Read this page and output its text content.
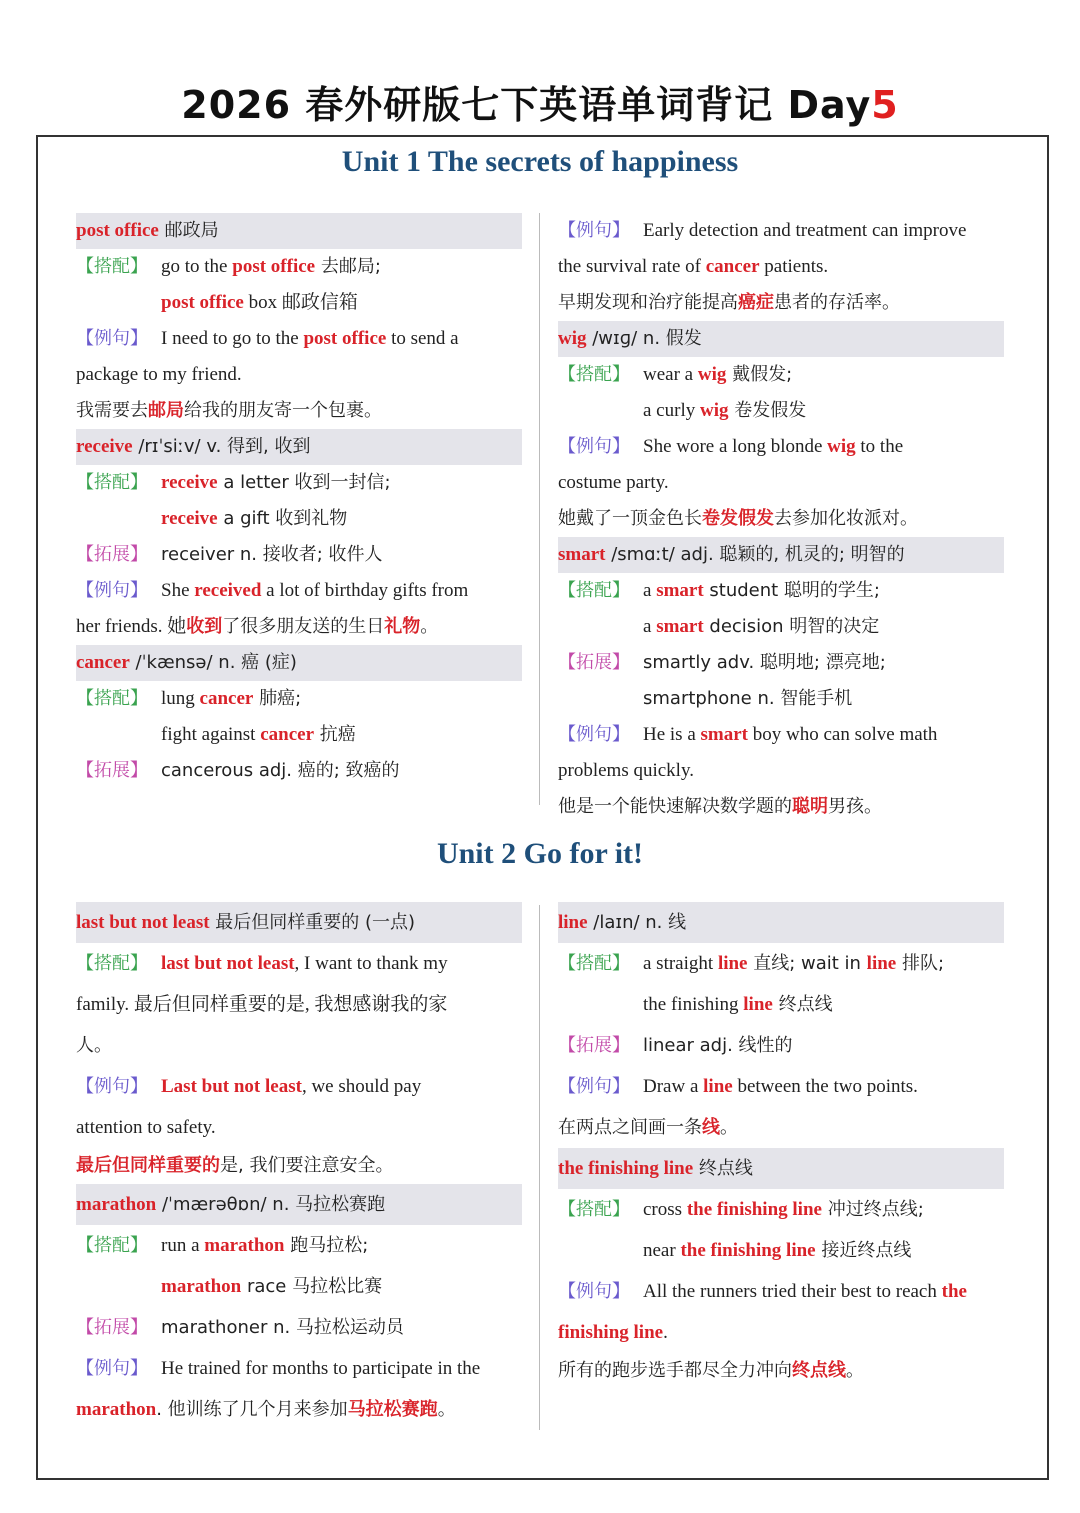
2026 春外研版七下英语单词背记 Day5
Unit 1 The secrets of happiness
post office 邮政局
【搭配】 go to the post office 去邮局;
post office box 邮政信箱
【例句】 I need to go to the post office to send a
package to my friend.
我需要去邮局给我的朋友寄一个包裹。
receive /rɪˈsiːv/ v. 得到, 收到
【搭配】 receive a letter 收到一封信;
receive a gift 收到礼物
【拓展】 receiver n. 接收者; 收件人
【例句】 She received a lot of birthday gifts from
her friends. 她收到了很多朋友送的生日礼物。
cancer /ˈkænsə/ n. 癌 (症)
【搭配】 lung cancer 肺癌;
fight against cancer 抗癌
【拓展】 cancerous adj. 癌的; 致癌的
【例句】 Early detection and treatment can improve
the survival rate of cancer patients.
早期发现和治疗能提高癌症患者的存活率。
wig /wɪɡ/ n. 假发
【搭配】 wear a wig 戴假发;
a curly wig 卷发假发
【例句】 She wore a long blonde wig to the
costume party.
她戴了一顶金色长卷发假发去参加化妆派对。
smart /smɑːt/ adj. 聪颖的, 机灵的; 明智的
【搭配】 a smart student 聪明的学生;
a smart decision 明智的决定
【拓展】 smartly adv. 聪明地; 漂亮地;
smartphone n. 智能手机
【例句】 He is a smart boy who can solve math
problems quickly.
他是一个能快速解决数学题的聪明男孩。
Unit 2 Go for it!
last but not least 最后但同样重要的 (一点)
【搭配】 last but not least, I want to thank my
family. 最后但同样重要的是, 我想感谢我的家
人。
【例句】 Last but not least, we should pay
attention to safety.
最后但同样重要的是, 我们要注意安全。
marathon /ˈmærəθɒn/ n. 马拉松赛跑
【搭配】 run a marathon 跑马拉松;
marathon race 马拉松比赛
【拓展】 marathoner n. 马拉松运动员
【例句】 He trained for months to participate in the
marathon. 他训练了几个月来参加马拉松赛跑。
line /laɪn/ n. 线
【搭配】 a straight line 直线; wait in line 排队;
the finishing line 终点线
【拓展】 linear adj. 线性的
【例句】 Draw a line between the two points.
在两点之间画一条线。
the finishing line 终点线
【搭配】 cross the finishing line 冲过终点线;
near the finishing line 接近终点线
【例句】 All the runners tried their best to reach the
finishing line.
所有的跑步选手都尽全力冲向终点线。
